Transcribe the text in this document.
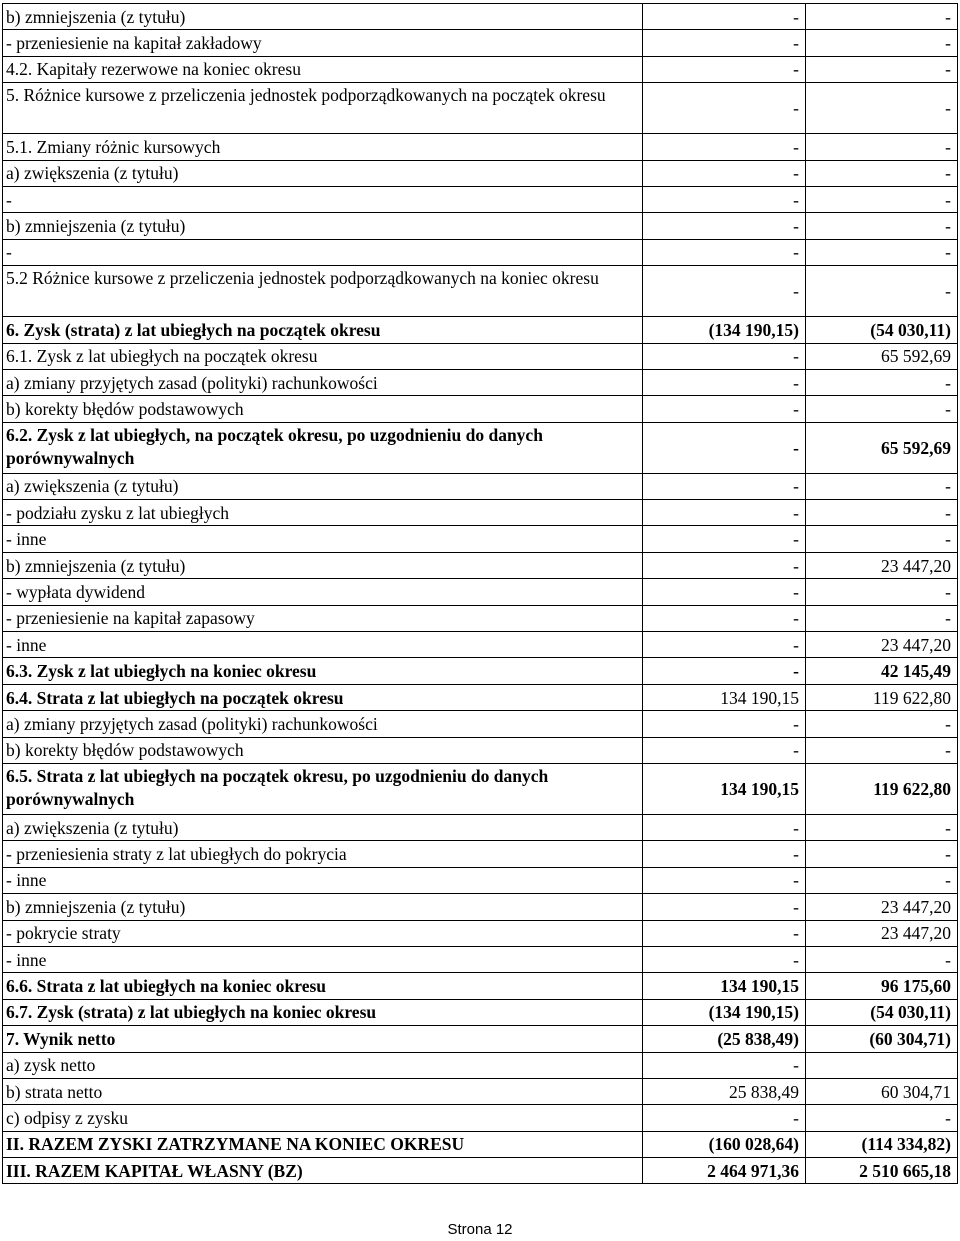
b) zmniejszenia (z tytułu)	-	-
- przeniesienie na kapitał zakładowy	-	-
4.2. Kapitały rezerwowe na koniec okresu	-	-
5. Różnice kursowe z przeliczenia jednostek podporządkowanych na początek okresu	-	-
5.1. Zmiany różnic kursowych	-	-
a) zwiększenia (z tytułu)	-	-
-	-	-
b) zmniejszenia (z tytułu)	-	-
-	-	-
5.2 Różnice kursowe z przeliczenia jednostek podporządkowanych na koniec okresu	-	-
6. Zysk (strata) z lat ubiegłych na początek okresu	(134 190,15)	(54 030,11)
6.1. Zysk z lat ubiegłych na początek okresu	-	65 592,69
a) zmiany przyjętych zasad (polityki) rachunkowości	-	-
b) korekty błędów podstawowych	-	-
6.2. Zysk z lat ubiegłych, na początek okresu, po uzgodnieniu do danych porównywalnych	-	65 592,69
a) zwiększenia (z tytułu)	-	-
- podziału zysku z lat ubiegłych	-	-
- inne	-	-
b) zmniejszenia (z tytułu)	-	23 447,20
- wypłata dywidend	-	-
- przeniesienie na kapitał zapasowy	-	-
- inne	-	23 447,20
6.3. Zysk z lat ubiegłych na koniec okresu	-	42 145,49
6.4. Strata z lat ubiegłych na początek okresu	134 190,15	119 622,80
a) zmiany przyjętych zasad (polityki) rachunkowości	-	-
b) korekty błędów podstawowych	-	-
6.5. Strata z lat ubiegłych na początek okresu, po uzgodnieniu do danych porównywalnych	134 190,15	119 622,80
a) zwiększenia (z tytułu)	-	-
- przeniesienia straty z lat ubiegłych do pokrycia	-	-
- inne	-	-
b) zmniejszenia (z tytułu)	-	23 447,20
- pokrycie straty	-	23 447,20
- inne	-	-
6.6. Strata z lat ubiegłych na koniec okresu	134 190,15	96 175,60
6.7. Zysk (strata) z lat ubiegłych na koniec okresu	(134 190,15)	(54 030,11)
7. Wynik netto	(25 838,49)	(60 304,71)
a) zysk netto	-	
b) strata netto	25 838,49	60 304,71
c) odpisy z zysku	-	-
II. RAZEM ZYSKI ZATRZYMANE NA KONIEC OKRESU	(160 028,64)	(114 334,82)
III. RAZEM KAPITAŁ WŁASNY (BZ)	2 464 971,36	2 510 665,18
Strona 12
